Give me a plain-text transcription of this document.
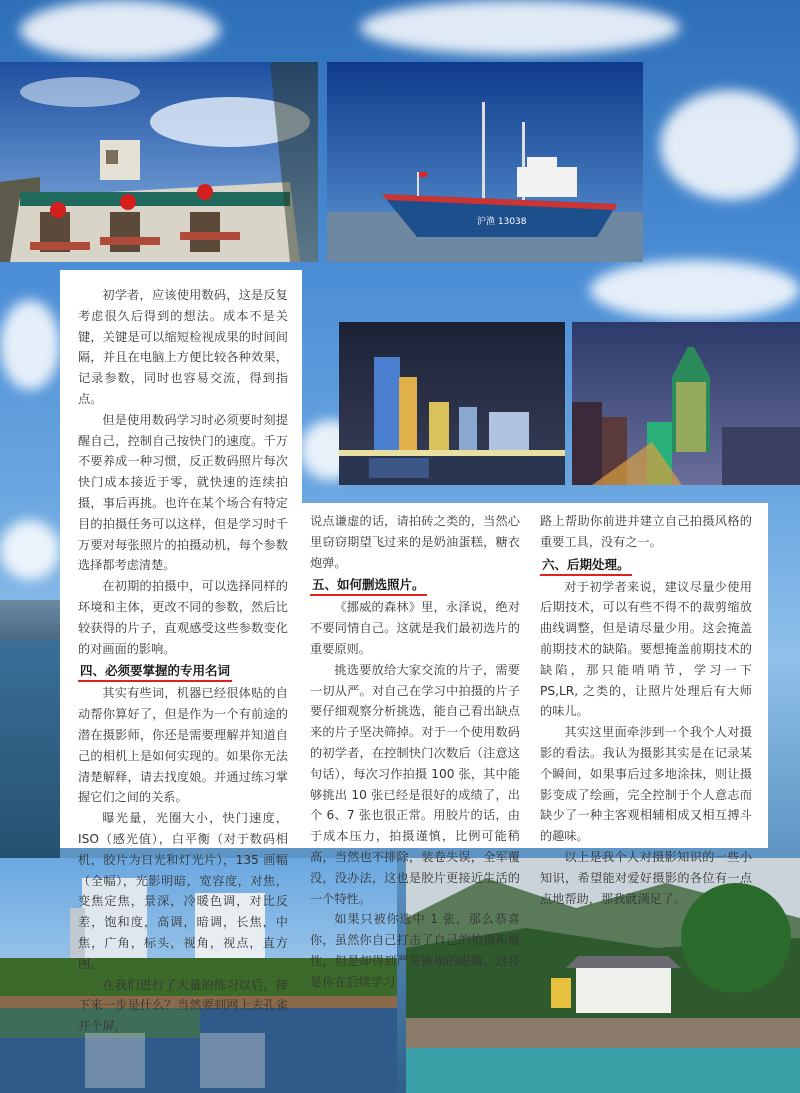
沪渔 13038

初学者，应该使用数码，这是反复考虑很久后得到的想法。成本不是关键，关键是可以缩短检视成果的时间间隔，并且在电脑上方便比较各种效果，记录参数，同时也容易交流，得到指点。

但是使用数码学习时必须要时刻提醒自己，控制自己按快门的速度。千万不要养成一种习惯，反正数码照片每次快门成本接近于零，就快速的连续拍摄，事后再挑。也许在某个场合有特定目的拍摄任务可以这样，但是学习时千万要对每张照片的拍摄动机，每个参数选择都考虑清楚。

在初期的拍摄中，可以选择同样的环境和主体，更改不同的参数，然后比较获得的片子，直观感受这些参数变化的对画面的影响。

四、必须要掌握的专用名词

其实有些词，机器已经很体贴的自动帮你算好了，但是作为一个有前途的潜在摄影师，你还是需要理解并知道自己的相机上是如何实现的。如果你无法清楚解释，请去找度娘。并通过练习掌握它们之间的关系。

曝光量，光圈大小，快门速度，ISO（感光值），白平衡（对于数码相机，胶片为日光和灯光片），135 画幅（全幅），光影明暗，宽容度，对焦，变焦定焦，景深，冷暖色调，对比反差，饱和度，高调，暗调，长焦，中焦，广角，标头，视角，视点，直方图。

在我们进行了大量的练习以后，接下来一步是什么？当然要到网上去孔雀开个屏，

说点谦虚的话，请拍砖之类的，当然心里窃窃期望飞过来的是奶油蛋糕，糖衣炮弹。

五、如何删选照片。

《挪威的森林》里，永泽说，绝对不要同情自己。这就是我们最初选片的重要原则。

挑选要放给大家交流的片子，需要一切从严。对自己在学习中拍摄的片子要仔细观察分析挑选，能自己看出缺点来的片子坚决筛掉。对于一个使用数码的初学者，在控制快门次数后（注意这句话），每次习作拍摄 100 张，其中能够挑出 10 张已经是很好的成绩了，出个 6、7 张也很正常。用胶片的话，由于成本压力，拍摄谨慎，比例可能稍高，当然也不排除，装卷失误，全军覆没，没办法，这也是胶片更接近生活的一个特性。

如果只被你选中 1 张，那么恭喜你，虽然你自己打击了自己的拍摄积极性，但是却得到严苛挑剔的眼睛。这将是你在后续学习

路上帮助你前进并建立自己拍摄风格的重要工具，没有之一。

六、后期处理。

对于初学者来说，建议尽量少使用后期技术，可以有些不得不的裁剪缩放曲线调整，但是请尽量少用。这会掩盖前期技术的缺陷。要想掩盖前期技术的缺陷，那只能哨哨节，学习一下 PS,LR, 之类的，让照片处理后有大师的味儿。

其实这里面牵涉到一个我个人对摄影的看法。我认为摄影其实是在记录某个瞬间，如果事后过多地涂抹，则让摄影变成了绘画，完全控制于个人意志而缺少了一种主客观相辅相成又相互搏斗的趣味。

以上是我个人对摄影知识的一些小知识，希望能对爱好摄影的各位有一点点地帮助，那我就满足了。
